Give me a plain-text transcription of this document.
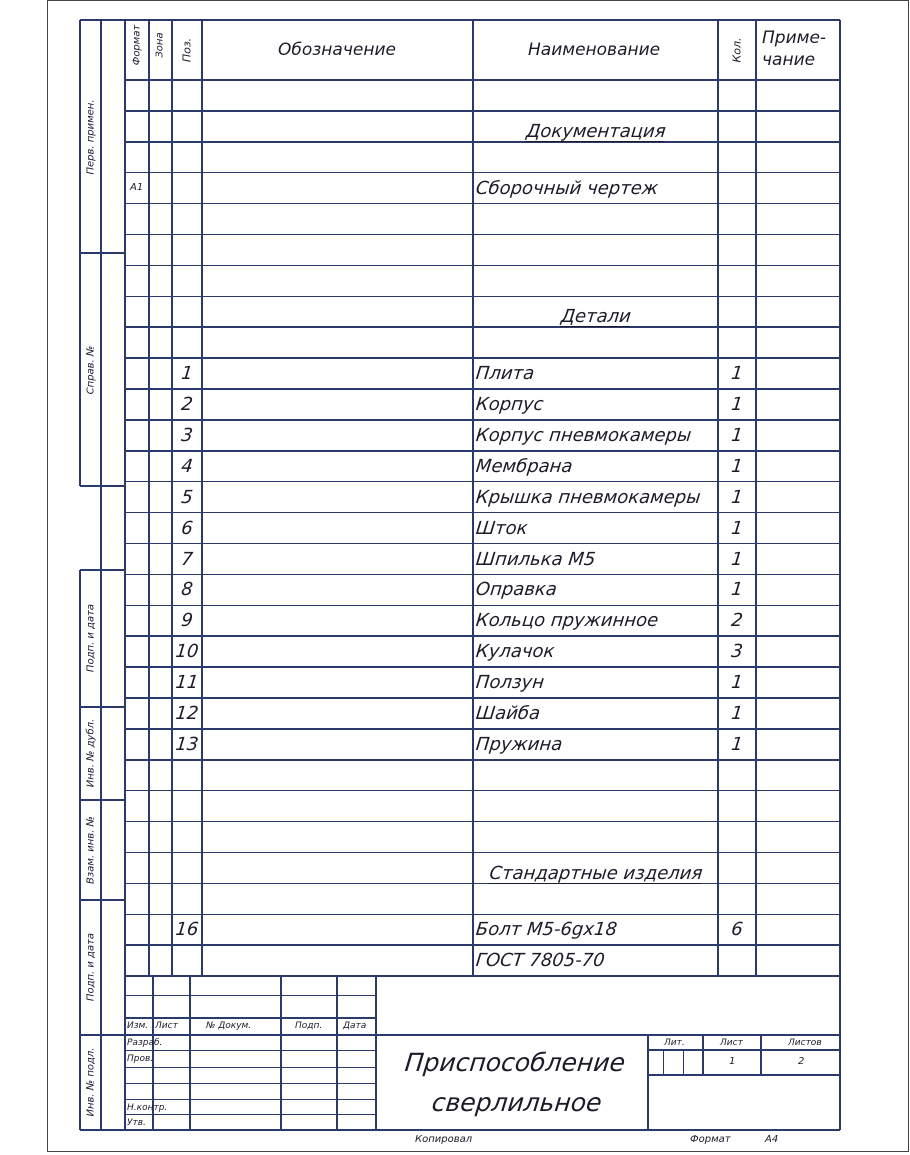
Формат Зона Поз.	Кол.
Обозначение	Наименование
Приме-
чание
Перв. примен.
Справ. №
Подп. и дата
Инв. № дубл.
Взам. инв. №
Подп. и дата
Инв. № подл.
Документация
А1	Сборочный чертеж
Детали
1	Плита	1
2	Корпус	1
3	Корпус пневмокамеры 1
4	Мембрана	1
5	Крышка пневмокамеры 1
6	Шток	1
7	Шпилька М5	1
8	Оправка	1
9	Кольцо пружинное	2
10	Кулачок	3
11	Ползун	1
12	Шайба	1
13	Пружина	1
Стандартные изделия
16	Болт М5-6gx18	6
ГОСТ 7805-70
Изм. Лист	№ Докум.	Подп. Дата
Разраб.
Пров.
Н.контр.
Утв.
Приспособление
сверлильное
Лит.	Лист	Листов
1	2
Копировал	Формат	А4
